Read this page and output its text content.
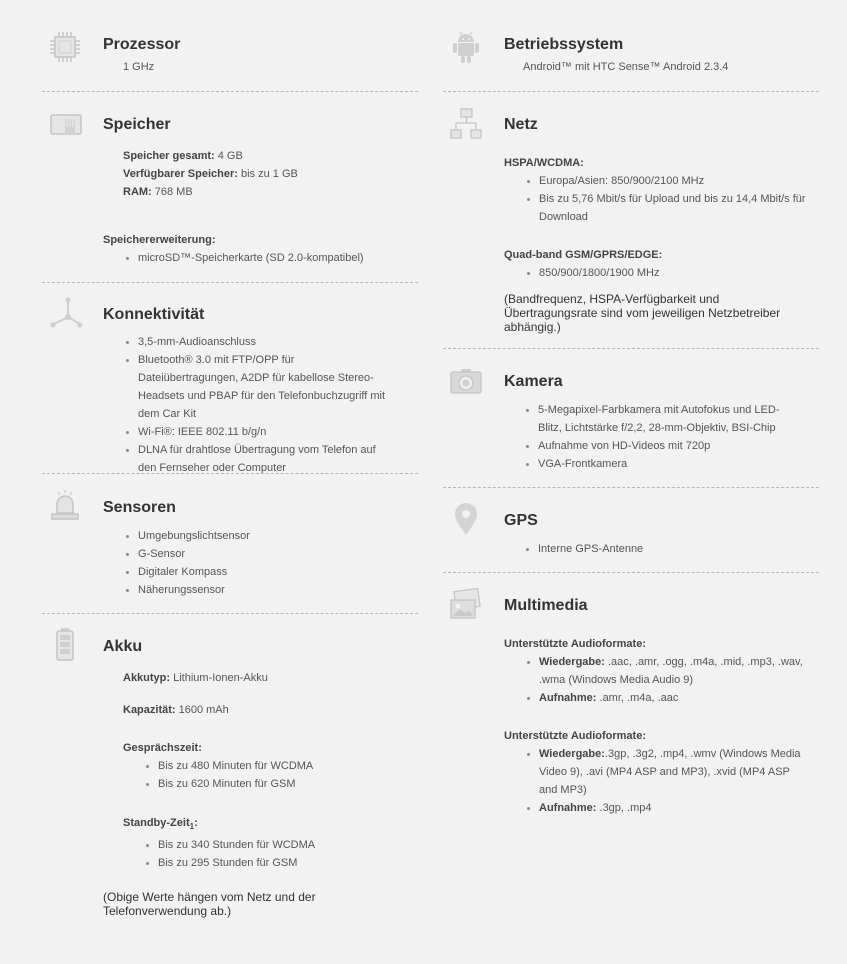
Prozessor
1 GHz
Speicher

Speicher gesamt: 4 GB

Verfügbarer Speicher: bis zu 1 GB

RAM: 768 MB

Speichererweiterung:

microSD™-Speicherkarte (SD 2.0-kompatibel)
Konnektivität
3,5-mm-Audioanschluss
Bluetooth® 3.0 mit FTP/OPP für Dateiübertragungen, A2DP für kabellose Stereo-Headsets und PBAP für den Telefonbuchzugriff mit dem Car Kit
Wi-Fi®: IEEE 802.11 b/g/n
DLNA für drahtlose Übertragung vom Telefon auf den Fernseher oder Computer
Sensoren
Umgebungslichtsensor
G-Sensor
Digitaler Kompass
Näherungssensor
Akku
Akkutyp: Lithium-Ionen-Akku
Kapazität: 1600 mAh

Gesprächszeit:

Bis zu 480 Minuten für WCDMA
Bis zu 620 Minuten für GSM

Standby-Zeit$_1$:

Bis zu 340 Stunden für WCDMA
Bis zu 295 Stunden für GSM
(Obige Werte hängen vom Netz und der Telefonverwendung ab.)
Betriebssystem
Android™ mit HTC Sense™ Android 2.3.4
Netz

HSPA/WCDMA:

Europa/Asien: 850/900/2100 MHz
Bis zu 5,76 Mbit/s für Upload und bis zu 14,4 Mbit/s für Download

Quad-band GSM/GPRS/EDGE:

850/900/1800/1900 MHz
(Bandfrequenz, HSPA-Verfügbarkeit und Übertragungsrate sind vom jeweiligen Netzbetreiber abhängig.)
Kamera
5-Megapixel-Farbkamera mit Autofokus und LED-Blitz, Lichtstärke f/2,2, 28-mm-Objektiv, BSI-Chip
Aufnahme von HD-Videos mit 720p
VGA-Frontkamera
GPS
Interne GPS-Antenne
Multimedia

Unterstützte Audioformate:

Wiedergabe: .aac, .amr, .ogg, .m4a, .mid, .mp3, .wav, .wma (Windows Media Audio 9)
Aufnahme: .amr, .m4a, .aac

Unterstützte Audioformate:

Wiedergabe:.3gp, .3g2, .mp4, .wmv (Windows Media Video 9), .avi (MP4 ASP and MP3), .xvid (MP4 ASP and MP3)
Aufnahme: .3gp, .mp4
